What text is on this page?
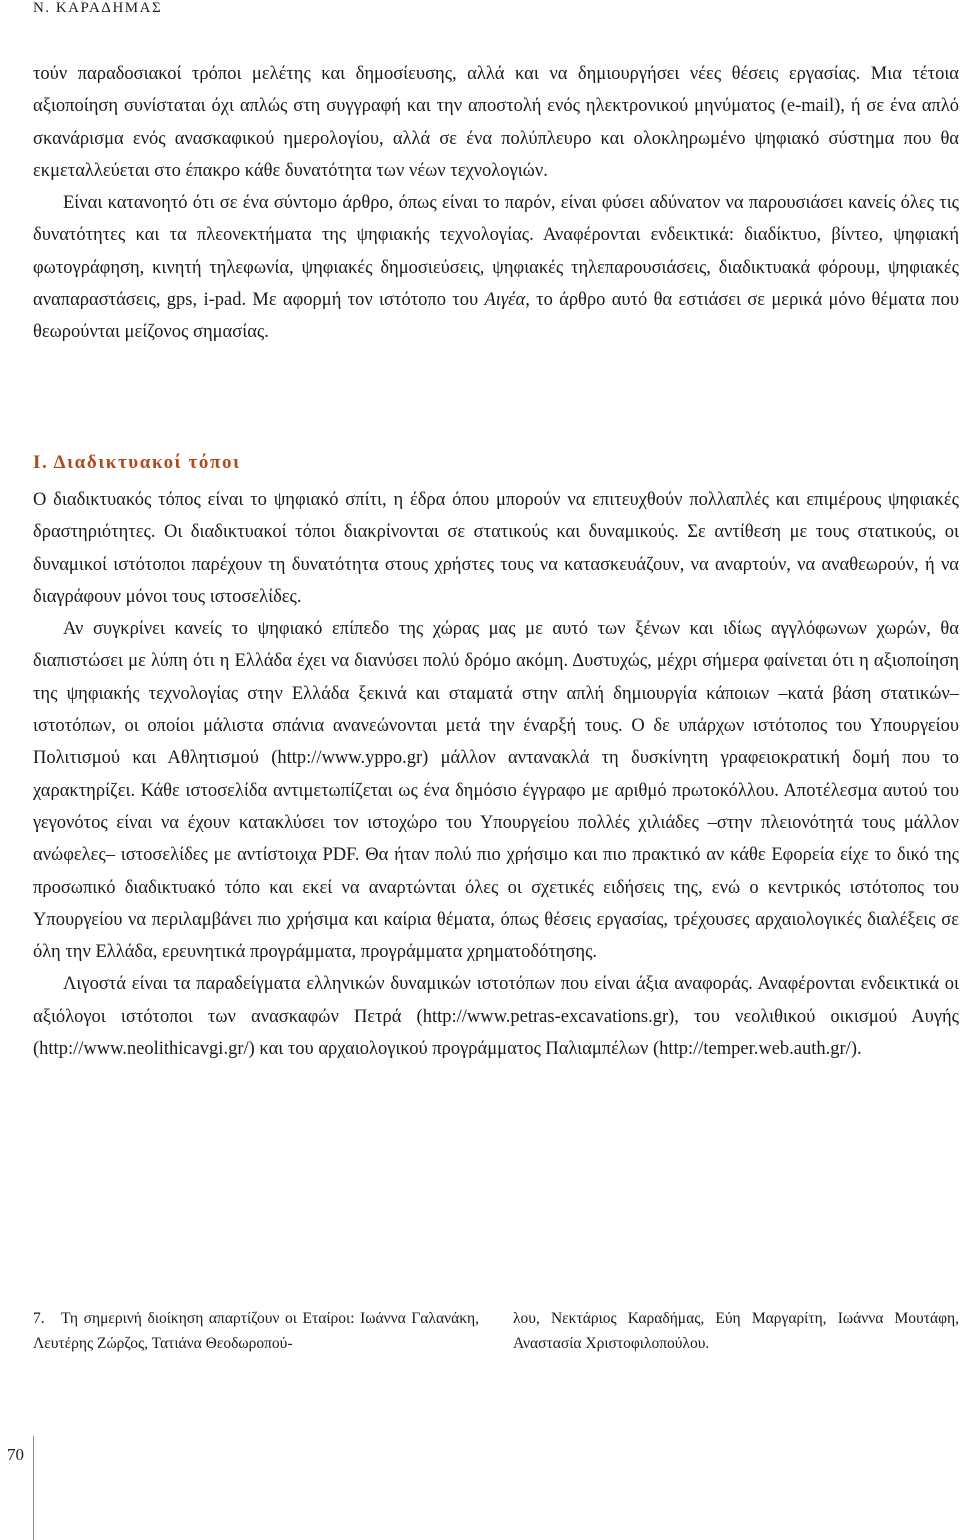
Ν. ΚΑΡΑΔΗΜΑΣ

τούν παραδοσιακοί τρόποι μελέτης και δημοσίευσης, αλλά και να δημιουργήσει νέες θέσεις εργασίας. Μια τέτοια αξιοποίηση συνίσταται όχι απλώς στη συγγραφή και την αποστολή ενός ηλεκτρονικού μηνύματος (e-mail), ή σε ένα απλό σκανάρισμα ενός ανασκαφικού ημερολογίου, αλλά σε ένα πολύπλευρο και ολοκληρωμένο ψηφιακό σύστημα που θα εκμεταλλεύεται στο έπακρο κάθε δυνατότητα των νέων τεχνολογιών.

Είναι κατανοητό ότι σε ένα σύντομο άρθρο, όπως είναι το παρόν, είναι φύσει αδύνατον να παρουσιάσει κανείς όλες τις δυνατότητες και τα πλεονεκτήματα της ψηφιακής τεχνολογίας. Αναφέρονται ενδεικτικά: διαδίκτυο, βίντεο, ψηφιακή φωτογράφηση, κινητή τηλεφωνία, ψηφιακές δημοσιεύσεις, ψηφιακές τηλεπαρουσιάσεις, διαδικτυακά φόρουμ, ψηφιακές αναπαραστάσεις, gps, i-pad. Με αφορμή τον ιστότοπο του Αιγέα, το άρθρο αυτό θα εστιάσει σε μερικά μόνο θέματα που θεωρούνται μείζονος σημασίας.

Ι. Διαδικτυακοί τόποι

Ο διαδικτυακός τόπος είναι το ψηφιακό σπίτι, η έδρα όπου μπορούν να επιτευχθούν πολλαπλές και επιμέρους ψηφιακές δραστηριότητες. Οι διαδικτυακοί τόποι διακρίνονται σε στατικούς και δυναμικούς. Σε αντίθεση με τους στατικούς, οι δυναμικοί ιστότοποι παρέχουν τη δυνατότητα στους χρήστες τους να κατασκευάζουν, να αναρτούν, να αναθεωρούν, ή να διαγράφουν μόνοι τους ιστοσελίδες.

Αν συγκρίνει κανείς το ψηφιακό επίπεδο της χώρας μας με αυτό των ξένων και ιδίως αγγλόφωνων χωρών, θα διαπιστώσει με λύπη ότι η Ελλάδα έχει να διανύσει πολύ δρόμο ακόμη. Δυστυχώς, μέχρι σήμερα φαίνεται ότι η αξιοποίηση της ψηφιακής τεχνολογίας στην Ελλάδα ξεκινά και σταματά στην απλή δημιουργία κάποιων –κατά βάση στατικών– ιστοτόπων, οι οποίοι μάλιστα σπάνια ανανεώνονται μετά την έναρξή τους. Ο δε υπάρχων ιστότοπος του Υπουργείου Πολιτισμού και Αθλητισμού (http://www.yppo.gr) μάλλον αντανακλά τη δυσκίνητη γραφειοκρατική δομή που το χαρακτηρίζει. Κάθε ιστοσελίδα αντιμετωπίζεται ως ένα δημόσιο έγγραφο με αριθμό πρωτοκόλλου. Αποτέλεσμα αυτού του γεγονότος είναι να έχουν κατακλύσει τον ιστοχώρο του Υπουργείου πολλές χιλιάδες –στην πλειονότητά τους μάλλον ανώφελες– ιστοσελίδες με αντίστοιχα PDF. Θα ήταν πολύ πιο χρήσιμο και πιο πρακτικό αν κάθε Εφορεία είχε το δικό της προσωπικό διαδικτυακό τόπο και εκεί να αναρτώνται όλες οι σχετικές ειδήσεις της, ενώ ο κεντρικός ιστότοπος του Υπουργείου να περιλαμβάνει πιο χρήσιμα και καίρια θέματα, όπως θέσεις εργασίας, τρέχουσες αρχαιολογικές διαλέξεις σε όλη την Ελλάδα, ερευνητικά προγράμματα, προγράμματα χρηματοδότησης.

Λιγοστά είναι τα παραδείγματα ελληνικών δυναμικών ιστοτόπων που είναι άξια αναφοράς. Αναφέρονται ενδεικτικά οι αξιόλογοι ιστότοποι των ανασκαφών Πετρά (http://www.petras-excavations.gr), του νεολιθικού οικισμού Αυγής (http://www.neolithicavgi.gr/) και του αρχαιολογικού προγράμματος Παλιαμπέλων (http://temper.web.auth.gr/).

7. Τη σημερινή διοίκηση απαρτίζουν οι Εταίροι: Ιωάννα Γαλανάκη, Λευτέρης Ζώρζος, Τατιάνα Θεοδωροπού-
λου, Νεκτάριος Καραδήμας, Εύη Μαργαρίτη, Ιωάννα Μουτάφη, Αναστασία Χριστοφιλοπούλου.
70
